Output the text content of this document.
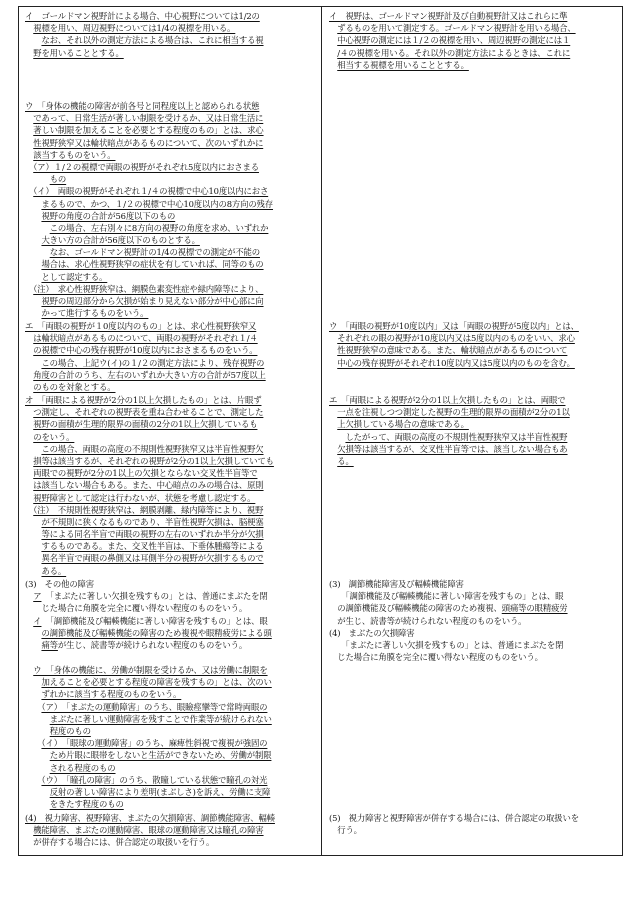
イ　ゴールドマン視野計による場合、中心視野については1/2の
　視標を用い、周辺視野については1/4の視標を用いる。
　　なお、それ以外の測定方法による場合は、これに相当する視
　野を用いることとする。
ウ　「身体の機能の障害が前各号と同程度以上と認められる状態
　であって、日常生活が著しい制限を受けるか、又は日常生活に
　著しい制限を加えることを必要とする程度のもの」とは、求心
　性視野狭窄又は輪状暗点があるものについて、次のいずれかに
　該当するものをいう。
　（ア）１/２の視標で両眼の視野がそれぞれ5度以内におさまる
　　　もの
　（イ）　両眼の視野がそれぞれ１/４の視標で中心10度以内におさ
　　まるもので、かつ、１/２の視標で中心10度以内の8方向の残存
　　視野の角度の合計が56度以下のもの
　　　この場合、左右別々に8方向の視野の角度を求め、いずれか
　　大きい方の合計が56度以下のものとする。
　　　なお、ゴールドマン視野計の1/4の視標での測定が不能の
　　場合は、求心性視野狭窄の症状を有していれば、同等のもの
　　として認定する。
　（注）　求心性視野狭窄は、網膜色素変性症や緑内障等により、
　　視野の周辺部分から欠損が始まり見えない部分が中心部に向
　　かって進行するものをいう。
エ　「両眼の視野が１0度以内のもの」とは、求心性視野狭窄又
　は輪状暗点があるものについて、両眼の視野がそれぞれ１/４
　の視標で中心の残存視野が10度以内におさまるものをいう。
　　この場合、上記ウ(イ)の１/２の測定方法により、残存視野の
　角度の合計のうち、左右のいずれか大きい方の合計が57度以上
　のものを対象とする。
オ　「両眼による視野が2分の1以上欠損したもの」とは、片眼ず
　つ測定し、それぞれの視野表を重ね合わせることで、測定した
　視野の面積が生理的限界の面積の2分の1以上欠損しているも
　のをいう。
　　この場合、両眼の高度の不規則性視野狭窄又は半盲性視野欠
　損等は該当するが、それぞれの視野が2分の1以上欠損していても
　両眼での視野が2分の1以上の欠損とならない交叉性半盲等で
　は該当しない場合もある。また、中心暗点のみの場合は、原則
　視野障害として認定は行わないが、状態を考慮し認定する。
　（注）　不規則性視野狭窄は、網膜剥離、緑内障等により、視野
　　が不規則に狭くなるものであり、半盲性視野欠損は、脳梗塞
　　等による同名半盲で両眼の視野の左右のいずれか半分が欠損
　　するものである。また、交叉性半盲は、下垂体腫瘍等による
　　異名半盲で両眼の鼻側又は耳側半分の視野が欠損するもので
　　ある。
(3)　その他の障害
　ア　「まぶたに著しい欠損を残すもの」とは、普通にまぶたを閉
　　じた場合に角膜を完全に覆い得ない程度のものをいう。
　イ　「調節機能及び輻輳機能に著しい障害を残すもの」とは、眼
　　の調節機能及び輻輳機能の障害のため複視や眼精疲労による頭
　　痛等が生じ、読書等が続けられない程度のものをいう。
　ウ　「身体の機能に、労働が制限を受けるか、又は労働に制限を
　　加えることを必要とする程度の障害を残すもの」とは、次のい
　　ずれかに該当する程度のものをいう。
　　（ア）　「まぶたの運動障害」のうち、眼瞼痙攣等で常時両眼の
　　　まぶたに著しい運動障害を残すことで作業等が続けられない
　　　程度のもの
　　（イ）　「眼球の運動障害」のうち、麻痺性斜視で複視が強固の
　　　ため片眼に眼帯をしないと生活ができないため、労働が制限
　　　される程度のもの
　　（ウ）　「瞳孔の障害」のうち、散瞳している状態で瞳孔の対光
　　　反射の著しい障害により差明(まぶしさ)を訴え、労働に支障
　　　をきたす程度のもの
(4)　視力障害、視野障害、まぶたの欠損障害、調節機能障害、輻輳
　機能障害、まぶたの運動障害、眼球の運動障害又は瞳孔の障害
　が併存する場合には、併合認定の取扱いを行う。
イ　視野は、ゴールドマン視野計及び自動視野計又はこれらに準
　ずるものを用いて測定する。ゴールドマン視野計を用いる場合、
　中心視野の測定には１/２の視標を用い、周辺視野の測定には１
　/４の視標を用いる。それ以外の測定方法によるときは、これに
　相当する視標を用いることとする。
ウ　「両眼の視野が10度以内」又は「両眼の視野が5度以内」とは、
　それぞれの眼の視野が10度以内又は5度以内のものをいい、求心
　性視野狭窄の意味である。また、輪状暗点があるものについて
　中心の残存視野がそれぞれ10度以内又は5度以内のものを含む。
エ　「両眼による視野が2分の1以上欠損したもの」とは、両眼で
　一点を注視しつつ測定した視野の生理的限界の面積が2分の1以
　上欠損している場合の意味である。
　　したがって、両眼の高度の不規則性視野狭窄又は半盲性視野
　欠損等は該当するが、交叉性半盲等では、該当しない場合もあ
　る。
(3)　調節機能障害及び輻輳機能障害
　　「調節機能及び輻輳機能に著しい障害を残すもの」とは、眼
　の調節機能及び輻輳機能の障害のため複視、頭痛等の眼精疲労
　が生じ、読書等が続けられない程度のものをいう。
(4)　まぶたの欠損障害
　　「まぶたに著しい欠損を残すもの」とは、普通にまぶたを閉
　じた場合に角膜を完全に覆い得ない程度のものをいう。
(5)　視力障害と視野障害が併存する場合には、併合認定の取扱いを
　行う。
